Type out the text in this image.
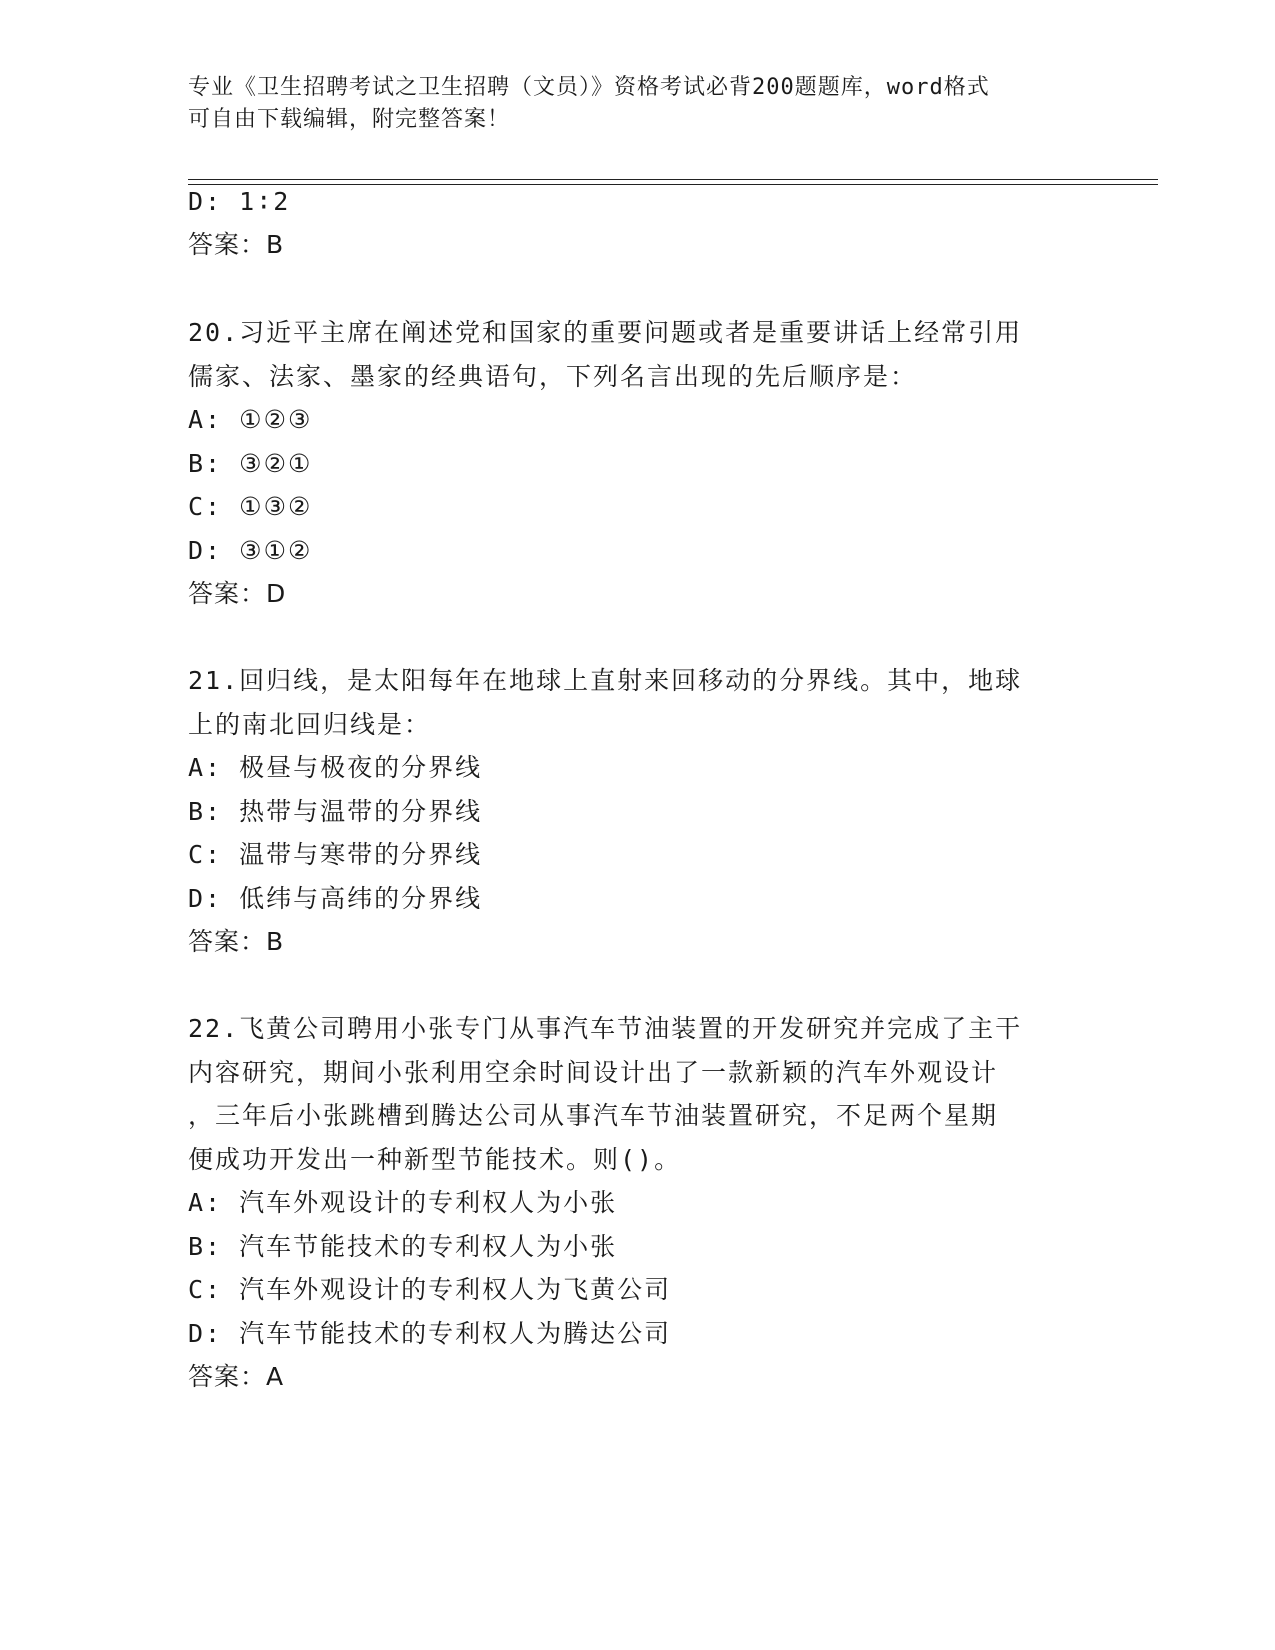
专业《卫生招聘考试之卫生招聘（文员）》资格考试必背200题题库，word格式
可自由下载编辑，附完整答案！
D: 1∶2
答案：B
20.习近平主席在阐述党和国家的重要问题或者是重要讲话上经常引用
儒家、法家、墨家的经典语句，下列名言出现的先后顺序是：
A: ①②③
B: ③②①
C: ①③②
D: ③①②
答案：D
21.回归线，是太阳每年在地球上直射来回移动的分界线。其中，地球
上的南北回归线是：
A: 极昼与极夜的分界线
B: 热带与温带的分界线
C: 温带与寒带的分界线
D: 低纬与高纬的分界线
答案：B
22.飞黄公司聘用小张专门从事汽车节油装置的开发研究并完成了主干
内容研究，期间小张利用空余时间设计出了一款新颖的汽车外观设计
，三年后小张跳槽到腾达公司从事汽车节油装置研究，不足两个星期
便成功开发出一种新型节能技术。则()。
A: 汽车外观设计的专利权人为小张
B: 汽车节能技术的专利权人为小张
C: 汽车外观设计的专利权人为飞黄公司
D: 汽车节能技术的专利权人为腾达公司
答案：A
